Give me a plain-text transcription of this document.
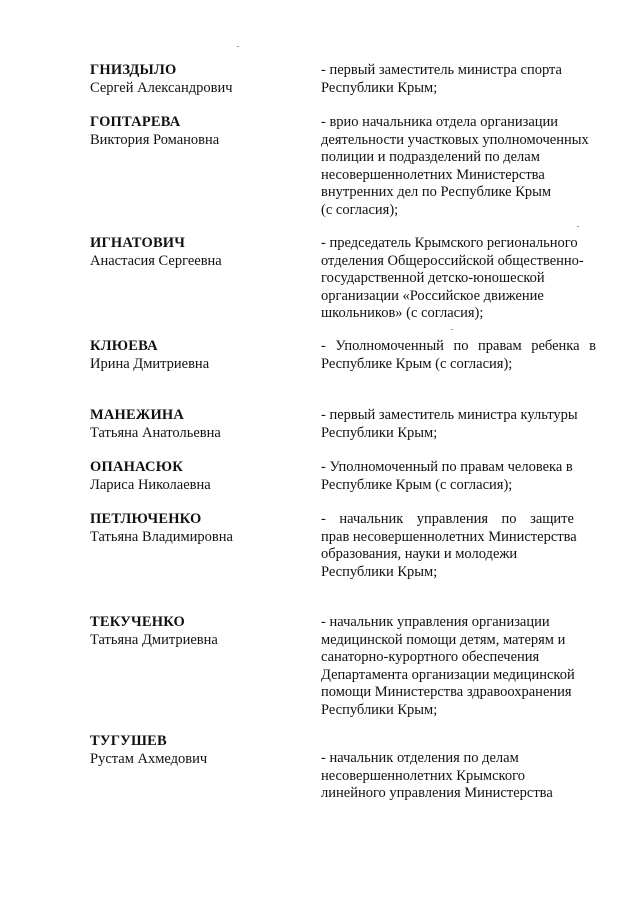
ГНИЗДЫЛО
Сергей Александрович
- первый заместитель министра спорта
Республики Крым;
ГОПТАРЕВА
Виктория Романовна
- врио начальника отдела организации
деятельности участковых уполномоченных
полиции и подразделений по делам
несовершеннолетних Министерства
внутренних дел по Республике Крым
(с согласия);
ИГНАТОВИЧ
Анастасия Сергеевна
- председатель Крымского регионального
отделения Общероссийской общественно-
государственной детско-юношеской
организации «Российское движение
школьников» (с согласия);
КЛЮЕВА
Ирина Дмитриевна
- Уполномоченный по правам ребенка в
Республике Крым (с согласия);
МАНЕЖИНА
Татьяна Анатольевна
- первый заместитель министра культуры
Республики Крым;
ОПАНАСЮК
Лариса Николаевна
- Уполномоченный по правам человека в
Республике Крым (с согласия);
ПЕТЛЮЧЕНКО
Татьяна Владимировна
- начальник управления по защите
прав несовершеннолетних Министерства
образования, науки и молодежи
Республики Крым;
ТЕКУЧЕНКО
Татьяна Дмитриевна
- начальник управления организации
медицинской помощи детям, матерям и
санаторно-курортного обеспечения
Департамента организации медицинской
помощи Министерства здравоохранения
Республики Крым;
ТУГУШЕВ
Рустам Ахмедович	- начальник отделения по делам
несовершеннолетних Крымского
линейного управления Министерства
